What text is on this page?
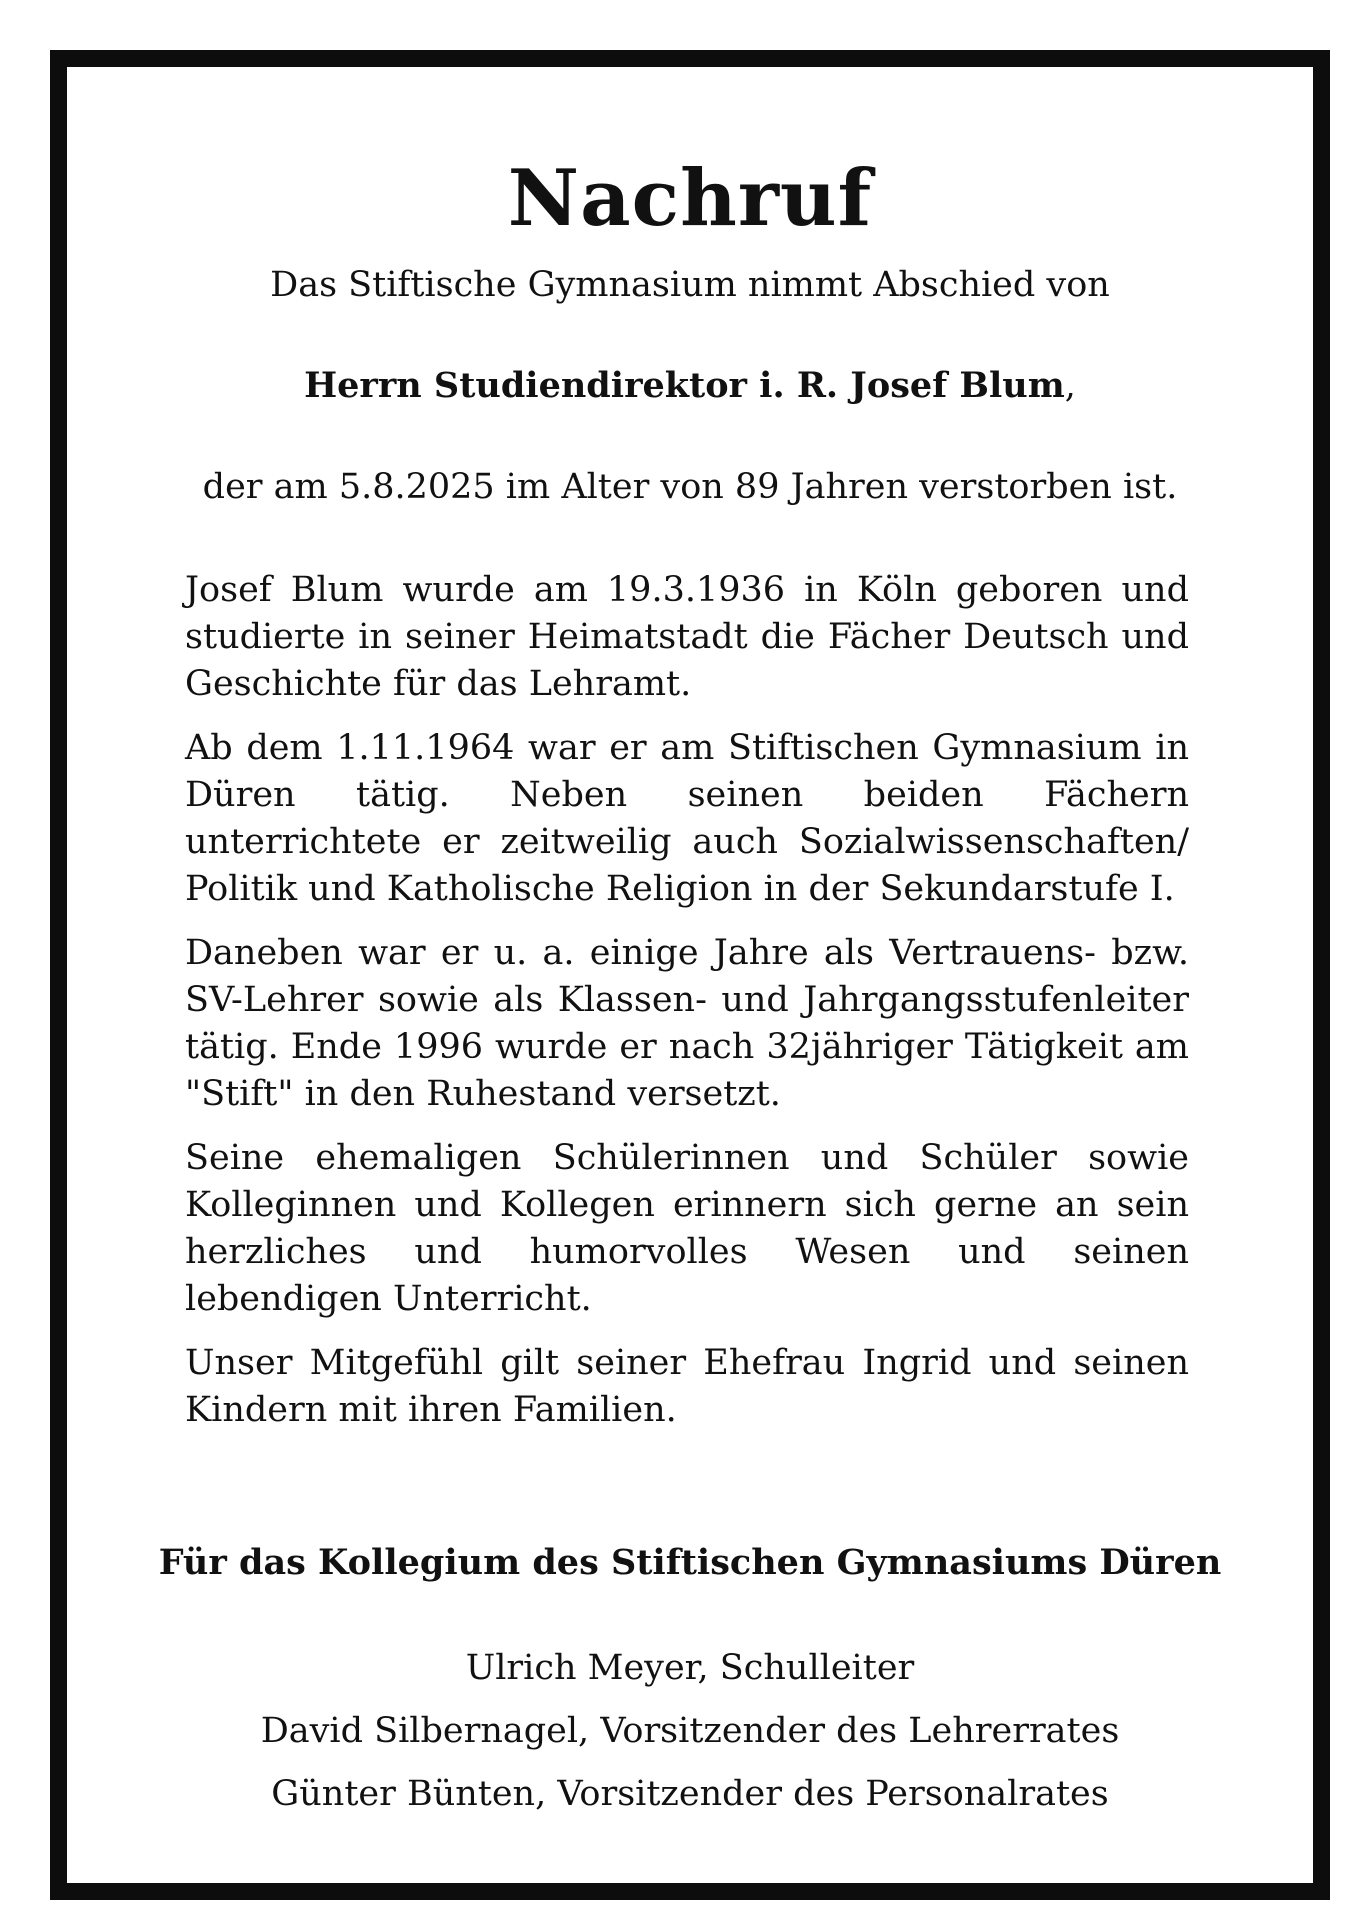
Nachruf

Das Stiftische Gymnasium nimmt Abschied von

Herrn Studiendirektor i. R. Josef Blum,

der am 5.8.2025 im Alter von 89 Jahren verstorben ist.

Josef Blum wurde am 19.3.1936 in Köln geboren und studierte in seiner Heimatstadt die Fächer Deutsch und Geschichte für das Lehramt.

Ab dem 1.11.1964 war er am Stiftischen Gymnasium in Düren tätig. Neben seinen beiden Fächern unterrichtete er zeitweilig auch Sozialwissenschaften/ Politik und Katholische Religion in der Sekundarstufe I.

Daneben war er u. a. einige Jahre als Vertrauens- bzw. SV-Lehrer sowie als Klassen- und Jahrgangsstufenleiter tätig. Ende 1996 wurde er nach 32jähriger Tätigkeit am "Stift" in den Ruhestand versetzt.

Seine ehemaligen Schülerinnen und Schüler sowie Kolleginnen und Kollegen erinnern sich gerne an sein herzliches und humorvolles Wesen und seinen lebendigen Unterricht.

Unser Mitgefühl gilt seiner Ehefrau Ingrid und seinen Kindern mit ihren Familien.

Für das Kollegium des Stiftischen Gymnasiums Düren

Ulrich Meyer, Schulleiter
David Silbernagel, Vorsitzender des Lehrerrates
Günter Bünten, Vorsitzender des Personalrates
